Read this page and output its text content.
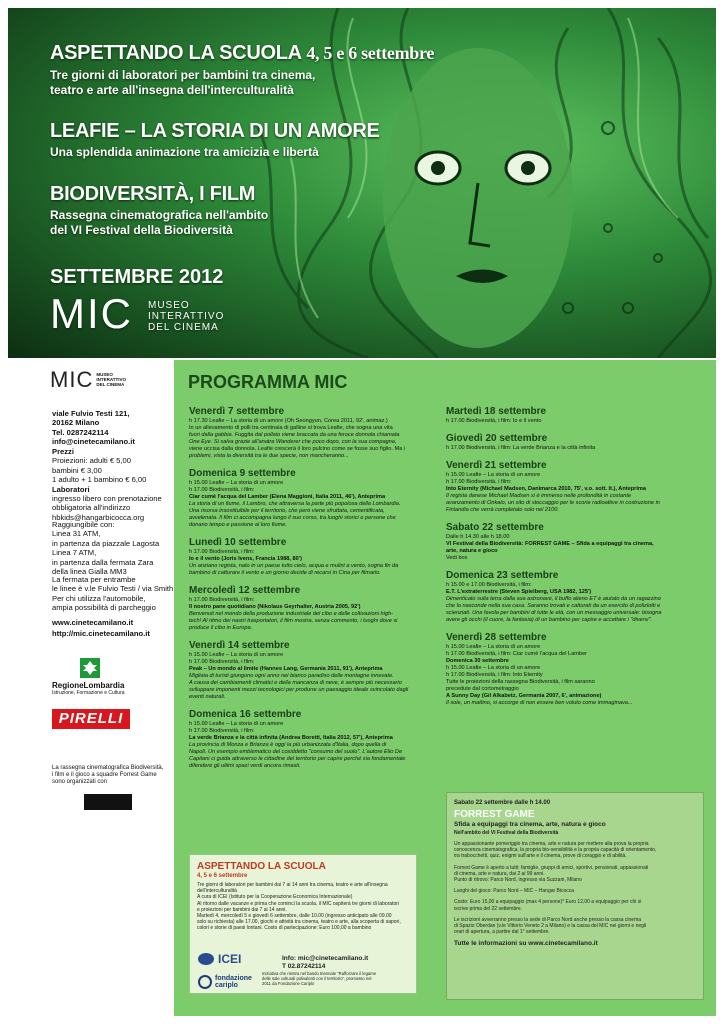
ASPETTANDO LA SCUOLA 4, 5 e 6 settembre
Tre giorni di laboratori per bambini tra cinema,
teatro e arte all'insegna dell'interculturalità
LEAFIE – LA STORIA DI UN AMORE
Una splendida animazione tra amicizia e libertà
BIODIVERSITÀ, I FILM
Rassegna cinematografica nell'ambito
del VI Festival della Biodiversità
SETTEMBRE 2012
MIC MUSEO
INTERATTIVO
DEL CINEMA
MIC MUSEO
INTERATTIVO
DEL CINEMA
viale Fulvio Testi 121,
20162 Milano
Tel. 0287242114
info@cinetecamilano.it
Prezzi
Proiezioni: adulti € 5,00
bambini € 3,00
1 adulto + 1 bambino € 6,00
Laboratori
ingresso libero con prenotazione
obbligatoria all'indirizzo
hbkids@hangarbicocca.org
Raggiungibile con:
Linea 31 ATM,
in partenza da piazzale Lagosta
Linea 7 ATM,
in partenza dalla fermata Zara
della linea Gialla MM3
La fermata per entrambe
le linee è v.le Fulvio Testi / via Smith
Per chi utilizza l'automobile,
ampia possibilità di parcheggio
www.cinetecamilano.it
http://mic.cinetecamilano.it
RegioneLombardia
Istruzione, Formazione e Cultura
PIRELLI
La rassegna cinematografica Biodiversità,
i film e il gioco a squadre Forrest Game
sono organizzati con
PROGRAMMA MIC
Venerdì 7 settembre
h 17.30 Leafie – La storia di un amore (Oh Seongyun, Corea 2011, 92', animaz.)
In un allevamento di polli tra centinaia di galline si trova Leafie, che sogna una vita
fuori dalla gabbia. Fuggita dal pollaio viene braccata da una feroce donnola chiamata
One Eye. Si salva grazie all'anatra Wanderer che poco dopo, con la sua compagna,
viene uccisa dalla donnola. Leafie crescerà il loro pulcino come se fosse suo figlio. Ma i
problemi, vista la diversità tra le due specie, non mancheranno...
Domenica 9 settembre
h 15.00 Leafie – La storia di un amore
h 17.00 Biodiversità, i film:
Ciar cumè l'acqua del Lamber (Elena Maggioni, Italia 2011, 46'), Anteprima
La storia di un fiume, il Lambro, che attraversa la parte più popolosa della Lombardia.
Una risorsa insostituibile per il territorio, che però viene sfruttata, cementificata,
avvelenata. Il film ci accompagna lungo il suo corso, tra luoghi storici e persone che
donano tempo e passione al loro fiume.
Lunedì 10 settembre
h 17.00 Biodiversità, i film:
Io e il vento (Joris Ivens, Francia 1988, 80')
Un anziano regista, nato in un paese tutto cielo, acqua e mulini a vento, sogna fin da
bambino di catturare il vento e un giorno decide di recarsi in Cina per filmarlo.
Mercoledì 12 settembre
h 17.00 Biodiversità, i film:
Il nostro pane quotidiano (Nikolaus Geyrhalter, Austria 2005, 92')
Benvenuti nel mondo della produzione industriale del cibo e delle coltivazioni high-
tech! Al ritmo dei nastri trasportatori, il film mostra, senza commento, i luoghi dove si
produce il cibo in Europa.
Venerdì 14 settembre
h 15.00 Leafie – La storia di un amore
h 17.00 Biodiversità, i film:
Peak – Un mondo al limite (Hannes Lang, Germania 2011, 91'), Anteprima
Migliaia di turisti giungono ogni anno nei bianco paradiso delle montagne innevate.
A causa dei cambiamenti climatici e della mancanza di neve, è sempre più necessario
sviluppare imponenti mezzi tecnologici per produrre un paesaggio ideale svincolato dagli
eventi naturali.
Domenica 16 settembre
h 15.00 Leafie – La storia di un amore
h 17.00 Biodiversità, i film:
La verde Brianza e la città infinita (Andrea Boretti, Italia 2012, 57'), Anteprima
La provincia di Monza e Brianza è oggi la più urbanizzata d'Italia, dopo quella di
Napoli. Un esempio emblematico del cosiddetto "consumo del suolo". L'autore Elio De
Capitani ci guida attraverso le cittadine del territorio per capire perché sia fondamentale
difendere gli ultimi spazi verdi ancora rimasti.
Martedì 18 settembre
h 17.00 Biodiversità, i film: Io e il vento
Giovedì 20 settembre
h 17.00 Biodiversità, i film: La verde Brianza e la città infinita
Venerdì 21 settembre
h 15.00 Leafie – La storia di un amore
h 17.00 Biodiversità, i film:
Into Eternity (Michael Madsen, Danimarca 2010, 75', v.o. sott. It.), Anteprima
Il regista danese Michael Madsen si è immerso nelle profondità in costante
avanzamento di Onkalo, un sito di stoccaggio per le scorie radioattive in costruzione in
Finlandia che verrà completato solo nel 2100.
Sabato 22 settembre
Dalle h 14.30 alle h 18.00
VI Festival della Biodiversità: FORREST GAME – Sfida a equipaggi tra cinema,
arte, natura e gioco
Vedi box
Domenica 23 settembre
h 15.00 e 17.00 Biodiversità, i film:
E.T. L'extraterrestre (Steven Spielberg, USA 1982, 125')
Dimenticato sulla terra dalla sua astronave, il buffo alieno ET è aiutato da un ragazzino
che lo nasconde nella sua casa. Saranno trovati e catturati da un esercito di poliziotti e
scienziati. Una favola per bambini di tutte le età, con un messaggio universale: bisogna
avere gli occhi (il cuore, la fantasia) di un bambino per capire e accettare i "diversi".
Venerdì 28 settembre
h 15.00 Leafie – La storia di un amore
h 17.00 Biodiversità, i film: Ciar cumè l'acqua del Lamber
Domenica 30 settembre
h 15.00 Leafie – La storia di un amore
h 17.00 Biodiversità, i film: Into Eternity
Tutte le proiezioni della rassegna Biodiversità, i film saranno
precedute dal cortometraggio
A Sunny Day (Gil Alkabetz, Germania 2007, 6', animazione)
Il sole, un mattino, si accorge di non essere ben voluto come immaginava...
ASPETTANDO LA SCUOLA
4, 5 e 6 settembre
Tre giorni di laboratori per bambini dai 7 ai 14 anni tra cinema, teatro e arte all'insegna
dell'interculturalità
A cura di ICEI (Istituto per la Cooperazione Economica Internazionale)
Al ritorno dalle vacanze e prima che cominci la scuola, il MIC ospiterà tre giorni di laboratori
e proiezioni per bambini dai 7 ai 14 anni.
Martedì 4, mercoledì 5 e giovedì 6 settembre, dalle 10.00 (ingresso anticipato alle 09.00
solo su richiesta) alle 17.00, giochi e attività tra cinema, teatro e arte, alla scoperta di sapori,
colori e storie di paesi lontani. Costo di partecipazione: Euro 100,00 a bambino
ICEI	Info: mic@cinetecamilano.it
T 02.87242114
fondazione
cariplo
Iniziativa che rientra nel bando triennale "Rafforzare il legame
delle sale culturali polivalenti con il territorio", promosso nel
2011 da Fondazione Cariplo
Sabato 22 settembre dalle h 14.00
FORREST GAME
Sfida a equipaggi tra cinema, arte, natura e gioco
Nell'ambito del VI Festival della Biodiversità
Un appassionante pomeriggio tra cinema, arte e natura per mettere alla prova la propria
conoscenza cinematografica, la propria bio-sensibilità e la propria capacità di orientamento,
tra trabocchetti, quiz, enigmi sull'arte e il cinema, prove di coraggio e di abilità.
Forrest Game è aperto a tutti: famiglie, gruppi di amici, sportivi, pensionati, appassionati
di cinema, arte e natura, dai 2 ai 99 anni.
Punto di ritrovo: Parco Nord, ingresso via Suzzani, Milano
Luoghi del gioco: Parco Nord – MIC – Hangar Bicocca
Costo: Euro 15,00 a equipaggio (max 4 persone)* Euro 12,00 a equipaggio per chi si
iscrive prima del 22 settembre.
Le iscrizioni avverranno presso la sede di Parco Nord anche presso la cassa cinema
di Spazio Oberdan (v.le Vittorio Veneto 2 a Milano) e la cassa del MIC nei giorni e negli
orari di apertura, a partire dal 1° settembre.
Tutte le informazioni su www.cinetecamilano.it
